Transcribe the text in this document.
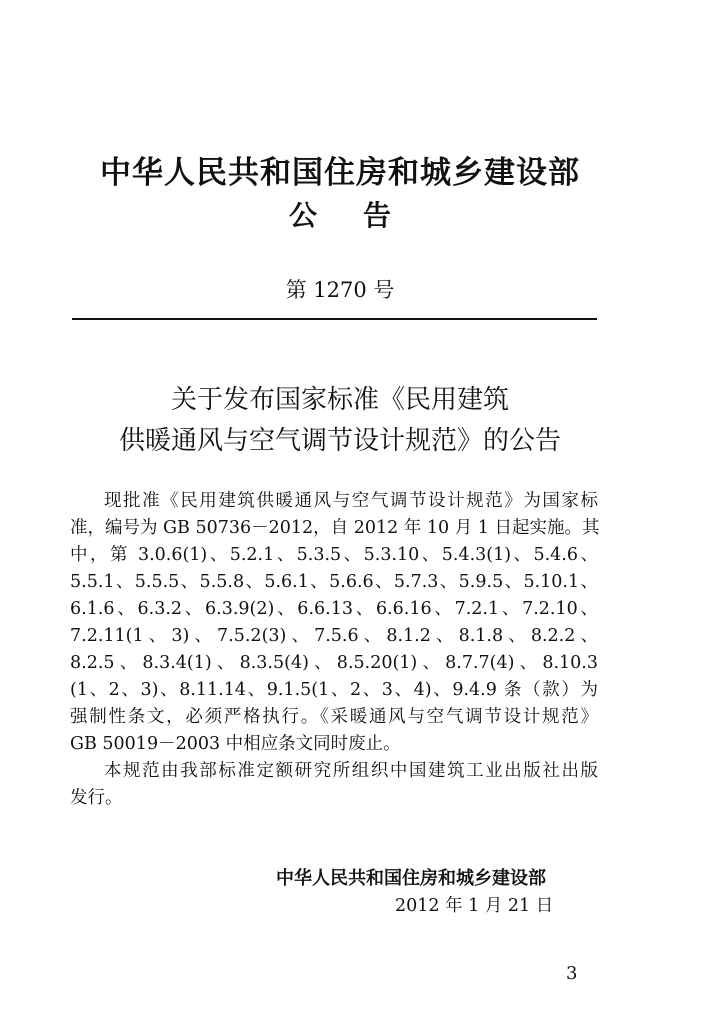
中华人民共和国住房和城乡建设部
公告
第 1270 号
关于发布国家标准《民用建筑
供暖通风与空气调节设计规范》的公告
现批准《民用建筑供暖通风与空气调节设计规范》为国家标
准，编号为 GB 50736－2012，自 2012 年 10 月 1 日起实施。其
中，第 3.0.6(1)、5.2.1、5.3.5、5.3.10、5.4.3(1)、5.4.6、
5.5.1、5.5.5、5.5.8、5.6.1、5.6.6、5.7.3、5.9.5、5.10.1、
6.1.6、6.3.2、6.3.9(2)、6.6.13、6.6.16、7.2.1、7.2.10、
7.2.11(1、3)、7.5.2(3)、7.5.6、8.1.2、8.1.8、8.2.2、
8.2.5、8.3.4(1)、8.3.5(4)、8.5.20(1)、8.7.7(4)、8.10.3
(1、2、3)、8.11.14、9.1.5(1、2、3、4)、9.4.9 条（款）为
强制性条文，必须严格执行。《采暖通风与空气调节设计规范》
GB 50019－2003 中相应条文同时废止。
本规范由我部标准定额研究所组织中国建筑工业出版社出版
发行。
中华人民共和国住房和城乡建设部
2012 年 1 月 21 日
3
